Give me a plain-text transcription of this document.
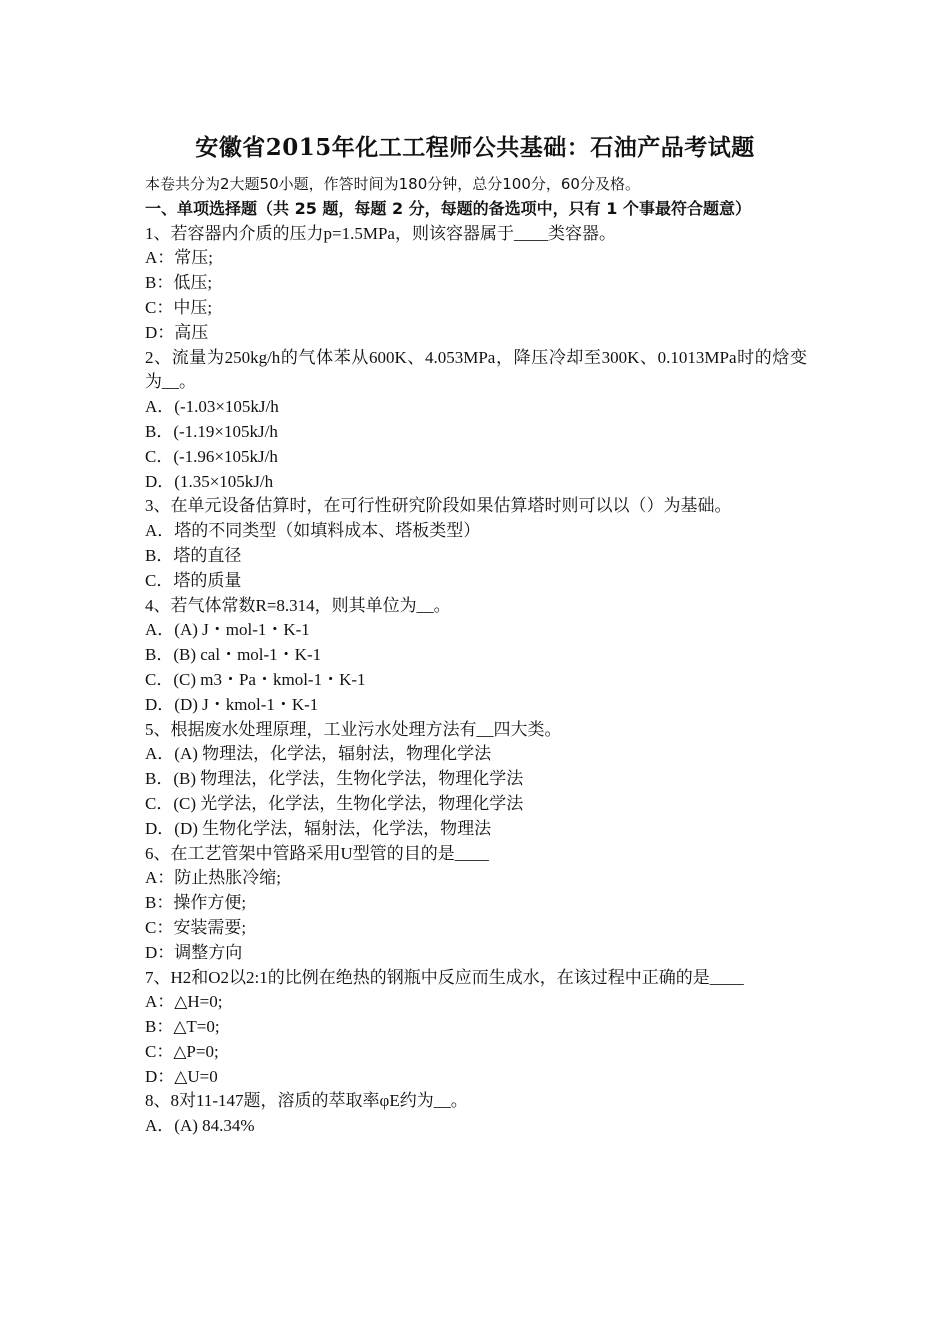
安徽省2015年化工工程师公共基础：石油产品考试题

本卷共分为2大题50小题，作答时间为180分钟，总分100分，60分及格。

一、单项选择题（共 25 题，每题 2 分，每题的备选项中，只有 1 个事最符合题意）

1、若容器内介质的压力p=1.5MPa，则该容器属于____类容器。

A：常压;

B：低压;

C：中压;

D：高压

2、流量为250kg/h的气体苯从600K、4.053MPa，降压冷却至300K、0.1013MPa时的焓变为__。

A．(-1.03×105kJ/h

B．(-1.19×105kJ/h

C．(-1.96×105kJ/h

D．(1.35×105kJ/h

3、在单元设备估算时，在可行性研究阶段如果估算塔时则可以以（）为基础。

A．塔的不同类型（如填料成本、塔板类型）

B．塔的直径

C．塔的质量

4、若气体常数R=8.314，则其单位为__。

A．(A) J・mol-1・K-1

B．(B) cal・mol-1・K-1

C．(C) m3・Pa・kmol-1・K-1

D．(D) J・kmol-1・K-1

5、根据废水处理原理，工业污水处理方法有__四大类。

A．(A) 物理法，化学法，辐射法，物理化学法

B．(B) 物理法，化学法，生物化学法，物理化学法

C．(C) 光学法，化学法，生物化学法，物理化学法

D．(D) 生物化学法，辐射法，化学法，物理法

6、在工艺管架中管路采用U型管的目的是____

A：防止热胀冷缩;

B：操作方便;

C：安装需要;

D：调整方向

7、H2和O2以2:1的比例在绝热的钢瓶中反应而生成水，在该过程中正确的是____

A：△H=0;

B：△T=0;

C：△P=0;

D：△U=0

8、8对11-147题，溶质的萃取率φE约为__。

A．(A) 84.34%
